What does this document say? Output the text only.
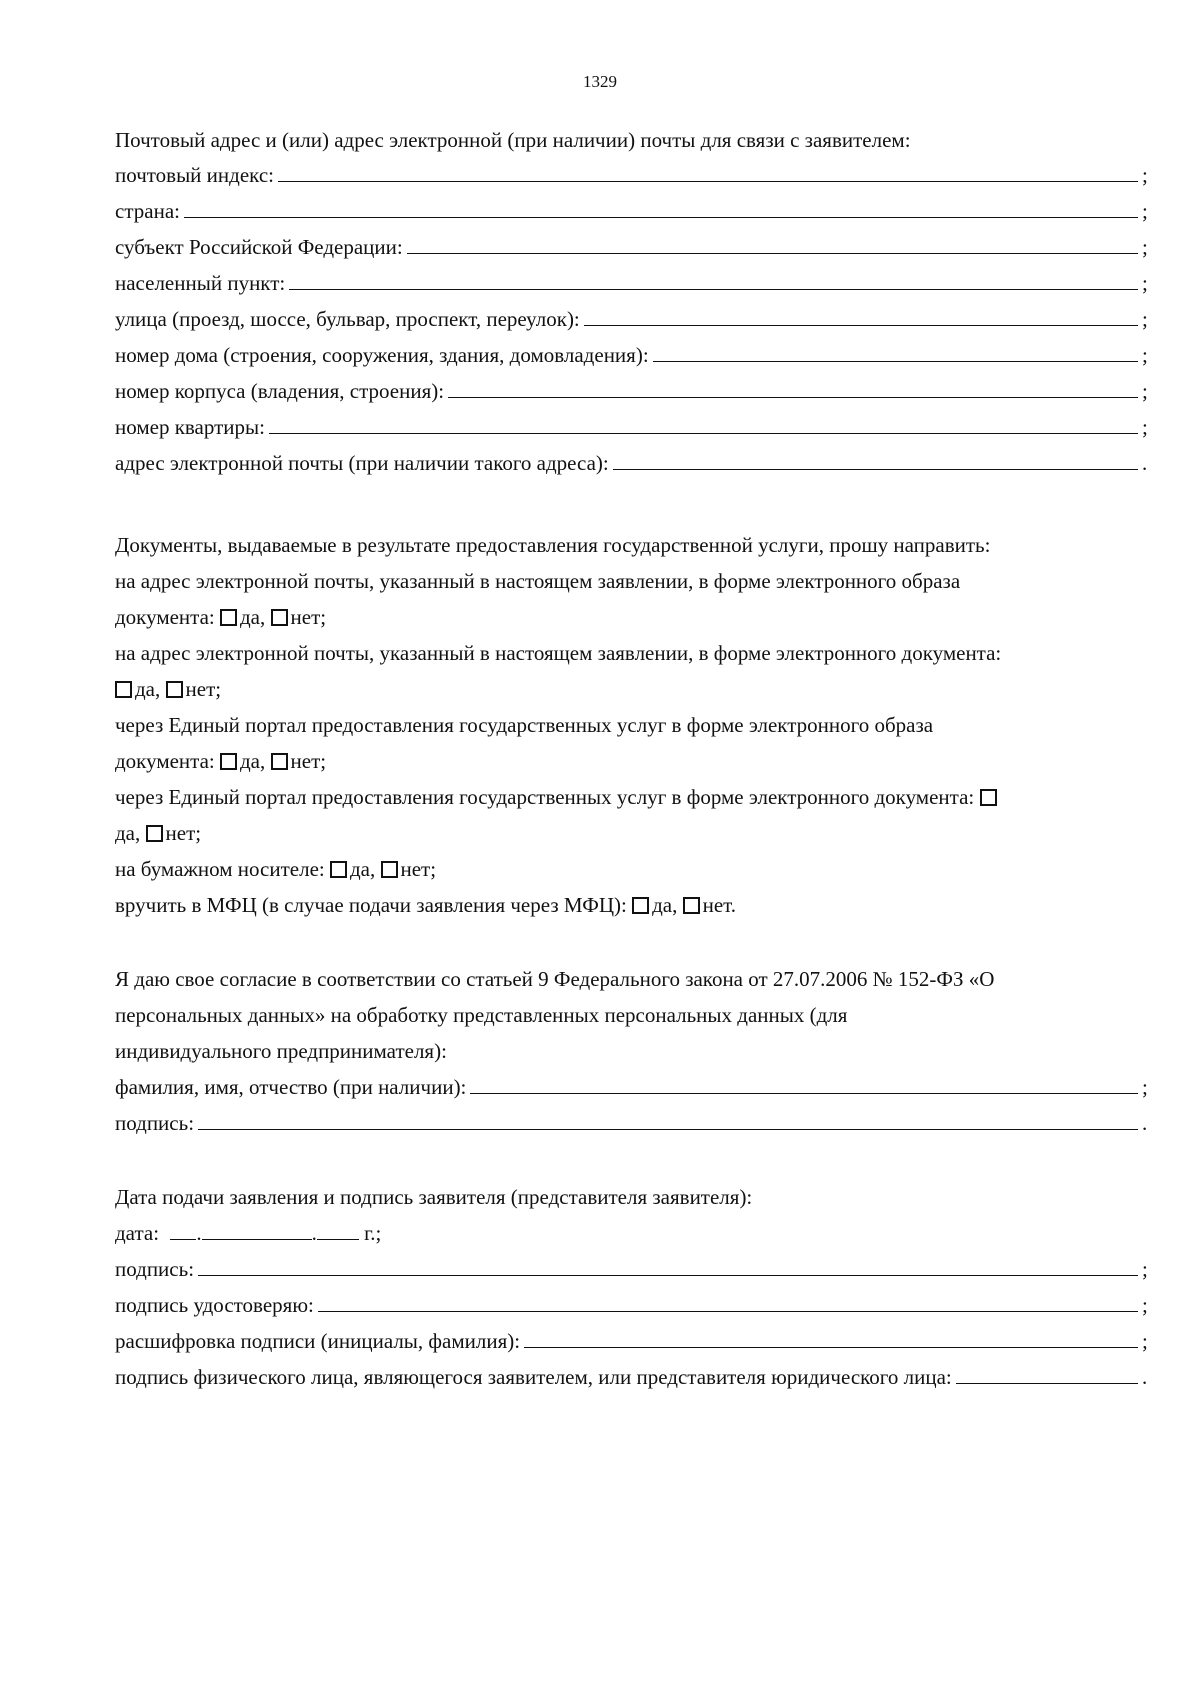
1329
Почтовый адрес и (или) адрес электронной (при наличии) почты для связи с заявителем:
почтовый индекс:	;
страна:	;
субъект Российской Федерации:	;
населенный пункт:	;
улица (проезд, шоссе, бульвар, проспект, переулок):	;
номер дома (строения, сооружения, здания, домовладения):	;
номер корпуса (владения, строения):	;
номер квартиры:	;
адрес электронной почты (при наличии такого адреса):	.
Документы, выдаваемые в результате предоставления государственной услуги, прошу направить:
на адрес электронной почты, указанный в настоящем заявлении, в форме электронного образа
документа: да, нет;
на адрес электронной почты, указанный в настоящем заявлении, в форме электронного документа:
да, нет;
через Единый портал предоставления государственных услуг в форме электронного образа
документа: да, нет;
через Единый портал предоставления государственных услуг в форме электронного документа:
да, нет;
на бумажном носителе: да, нет;
вручить в МФЦ (в случае подачи заявления через МФЦ): да, нет.
Я даю свое согласие в соответствии со статьей 9 Федерального закона от 27.07.2006 № 152-ФЗ «О
персональных данных» на обработку представленных персональных данных (для
индивидуального предпринимателя):
фамилия, имя, отчество (при наличии):	;
подпись:	.
Дата подачи заявления и подпись заявителя (представителя заявителя):
дата: .	. г.;
подпись:	;
подпись удостоверяю:	;
расшифровка подписи (инициалы, фамилия):	;
подпись физического лица, являющегося заявителем, или представителя юридического лица:	.
